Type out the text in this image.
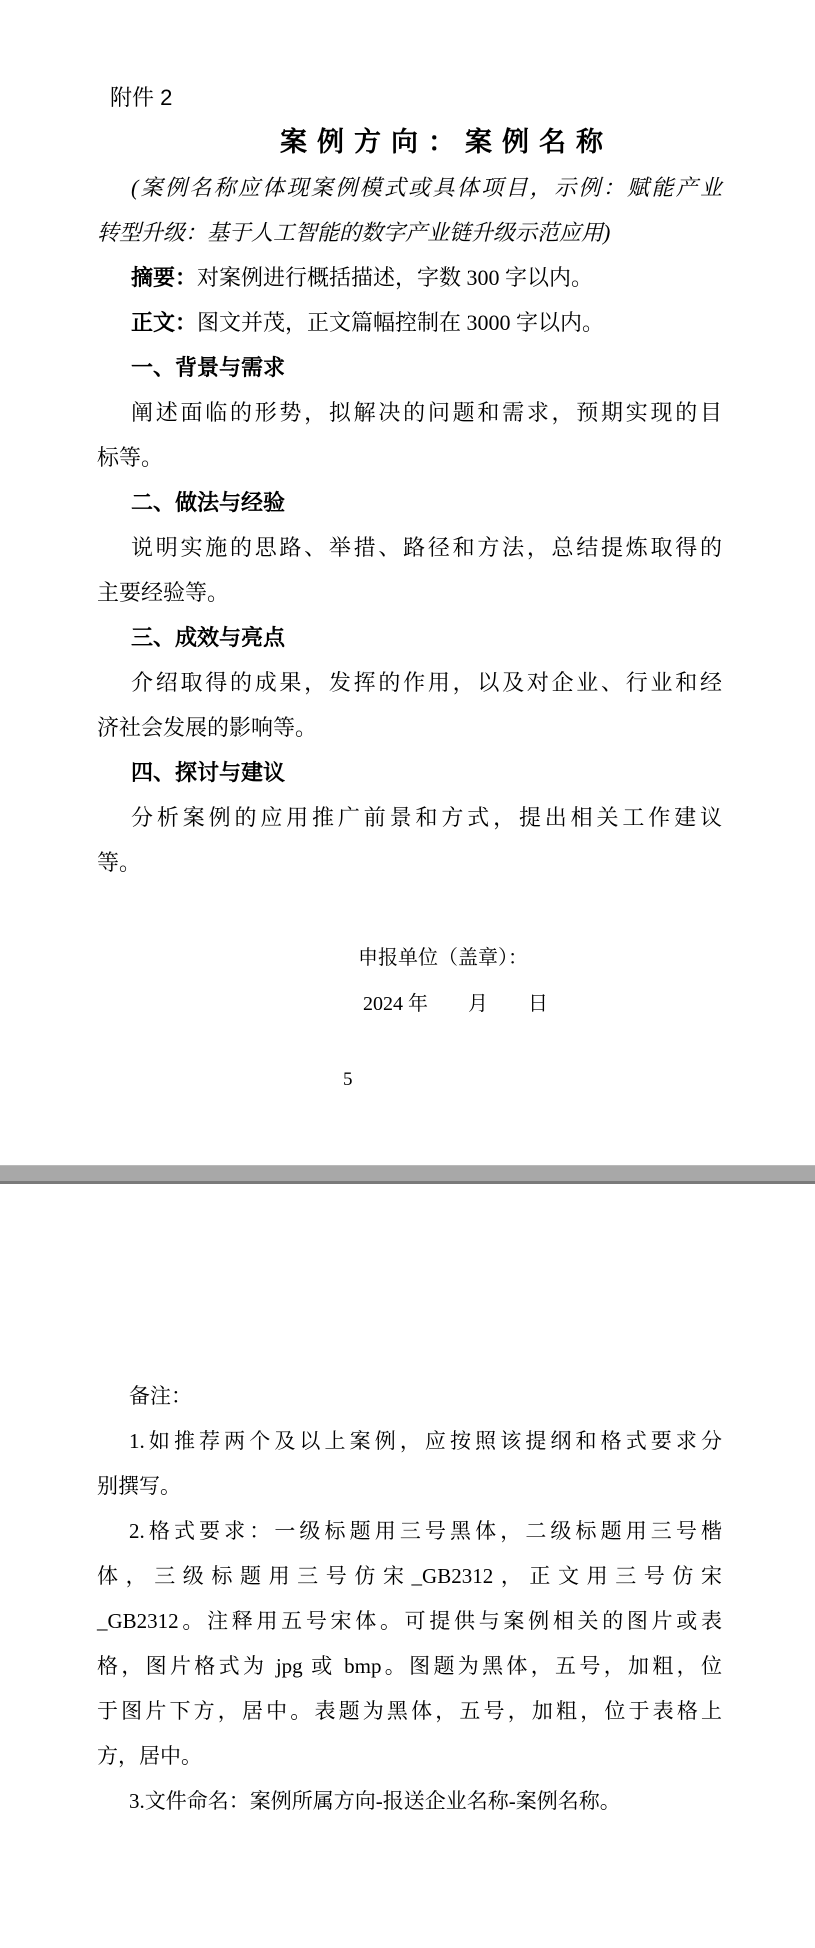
附件 2
案例方向：案例名称
(案例名称应体现案例模式或具体项目，示例：赋能产业
转型升级：基于人工智能的数字产业链升级示范应用)
摘要：对案例进行概括描述，字数 300 字以内。
正文：图文并茂，正文篇幅控制在 3000 字以内。
一、背景与需求
阐述面临的形势，拟解决的问题和需求，预期实现的目
标等。
二、做法与经验
说明实施的思路、举措、路径和方法，总结提炼取得的
主要经验等。
三、成效与亮点
介绍取得的成果，发挥的作用，以及对企业、行业和经
济社会发展的影响等。
四、探讨与建议
分析案例的应用推广前景和方式，提出相关工作建议
等。
申报单位（盖章）：
2024 年　　月　　日
5
备注：
1.如推荐两个及以上案例，应按照该提纲和格式要求分
别撰写。
2.格式要求：一级标题用三号黑体，二级标题用三号楷
体，三级标题用三号仿宋_GB2312，正文用三号仿宋
_GB2312。注释用五号宋体。可提供与案例相关的图片或表
格，图片格式为 jpg 或 bmp。图题为黑体，五号，加粗，位
于图片下方，居中。表题为黑体，五号，加粗，位于表格上
方，居中。
3.文件命名：案例所属方向-报送企业名称-案例名称。
